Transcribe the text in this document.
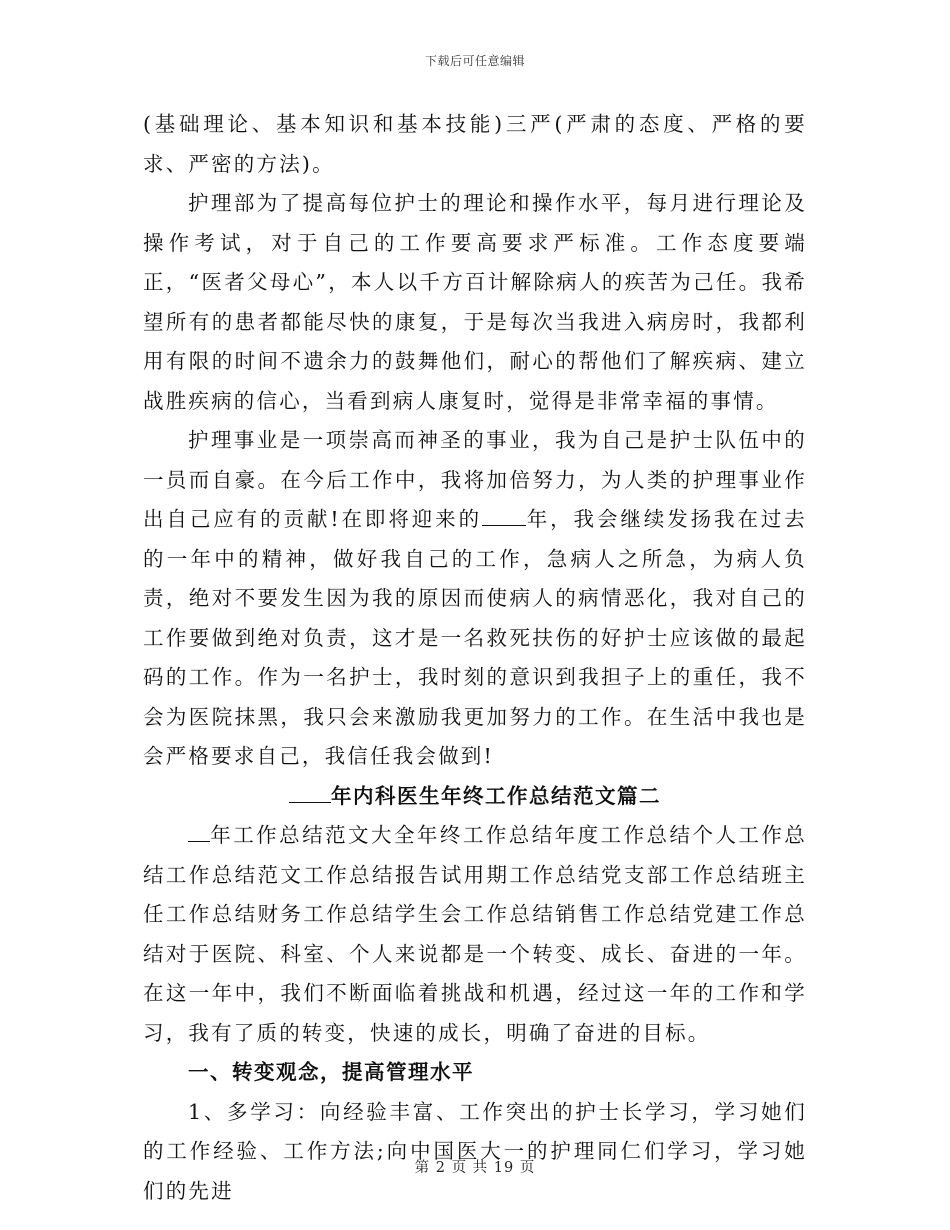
下载后可任意编辑

(基础理论、基本知识和基本技能)三严(严肃的态度、严格的要求、严密的方法)。

护理部为了提高每位护士的理论和操作水平，每月进行理论及操作考试，对于自己的工作要高要求严标准。工作态度要端正，“医者父母心”，本人以千方百计解除病人的疾苦为己任。我希望所有的患者都能尽快的康复，于是每次当我进入病房时，我都利用有限的时间不遗余力的鼓舞他们，耐心的帮他们了解疾病、建立战胜疾病的信心，当看到病人康复时，觉得是非常幸福的事情。

护理事业是一项崇高而神圣的事业，我为自己是护士队伍中的一员而自豪。在今后工作中，我将加倍努力，为人类的护理事业作出自己应有的贡献!在即将迎来的 年，我会继续发扬我在过去的一年中的精神，做好我自己的工作，急病人之所急，为病人负责，绝对不要发生因为我的原因而使病人的病情恶化，我对自己的工作要做到绝对负责，这才是一名救死扶伤的好护士应该做的最起码的工作。作为一名护士，我时刻的意识到我担子上的重任，我不会为医院抹黑，我只会来激励我更加努力的工作。在生活中我也是会严格要求自己，我信任我会做到!

年内科医生年终工作总结范文篇二

年工作总结范文大全年终工作总结年度工作总结个人工作总结工作总结范文工作总结报告试用期工作总结党支部工作总结班主任工作总结财务工作总结学生会工作总结销售工作总结党建工作总结对于医院、科室、个人来说都是一个转变、成长、奋进的一年。在这一年中，我们不断面临着挑战和机遇，经过这一年的工作和学习，我有了质的转变，快速的成长，明确了奋进的目标。

一、转变观念，提高管理水平

1、多学习：向经验丰富、工作突出的护士长学习，学习她们的工作经验、工作方法;向中国医大一的护理同仁们学习，学习她们的先进

第 2 页 共 19 页
